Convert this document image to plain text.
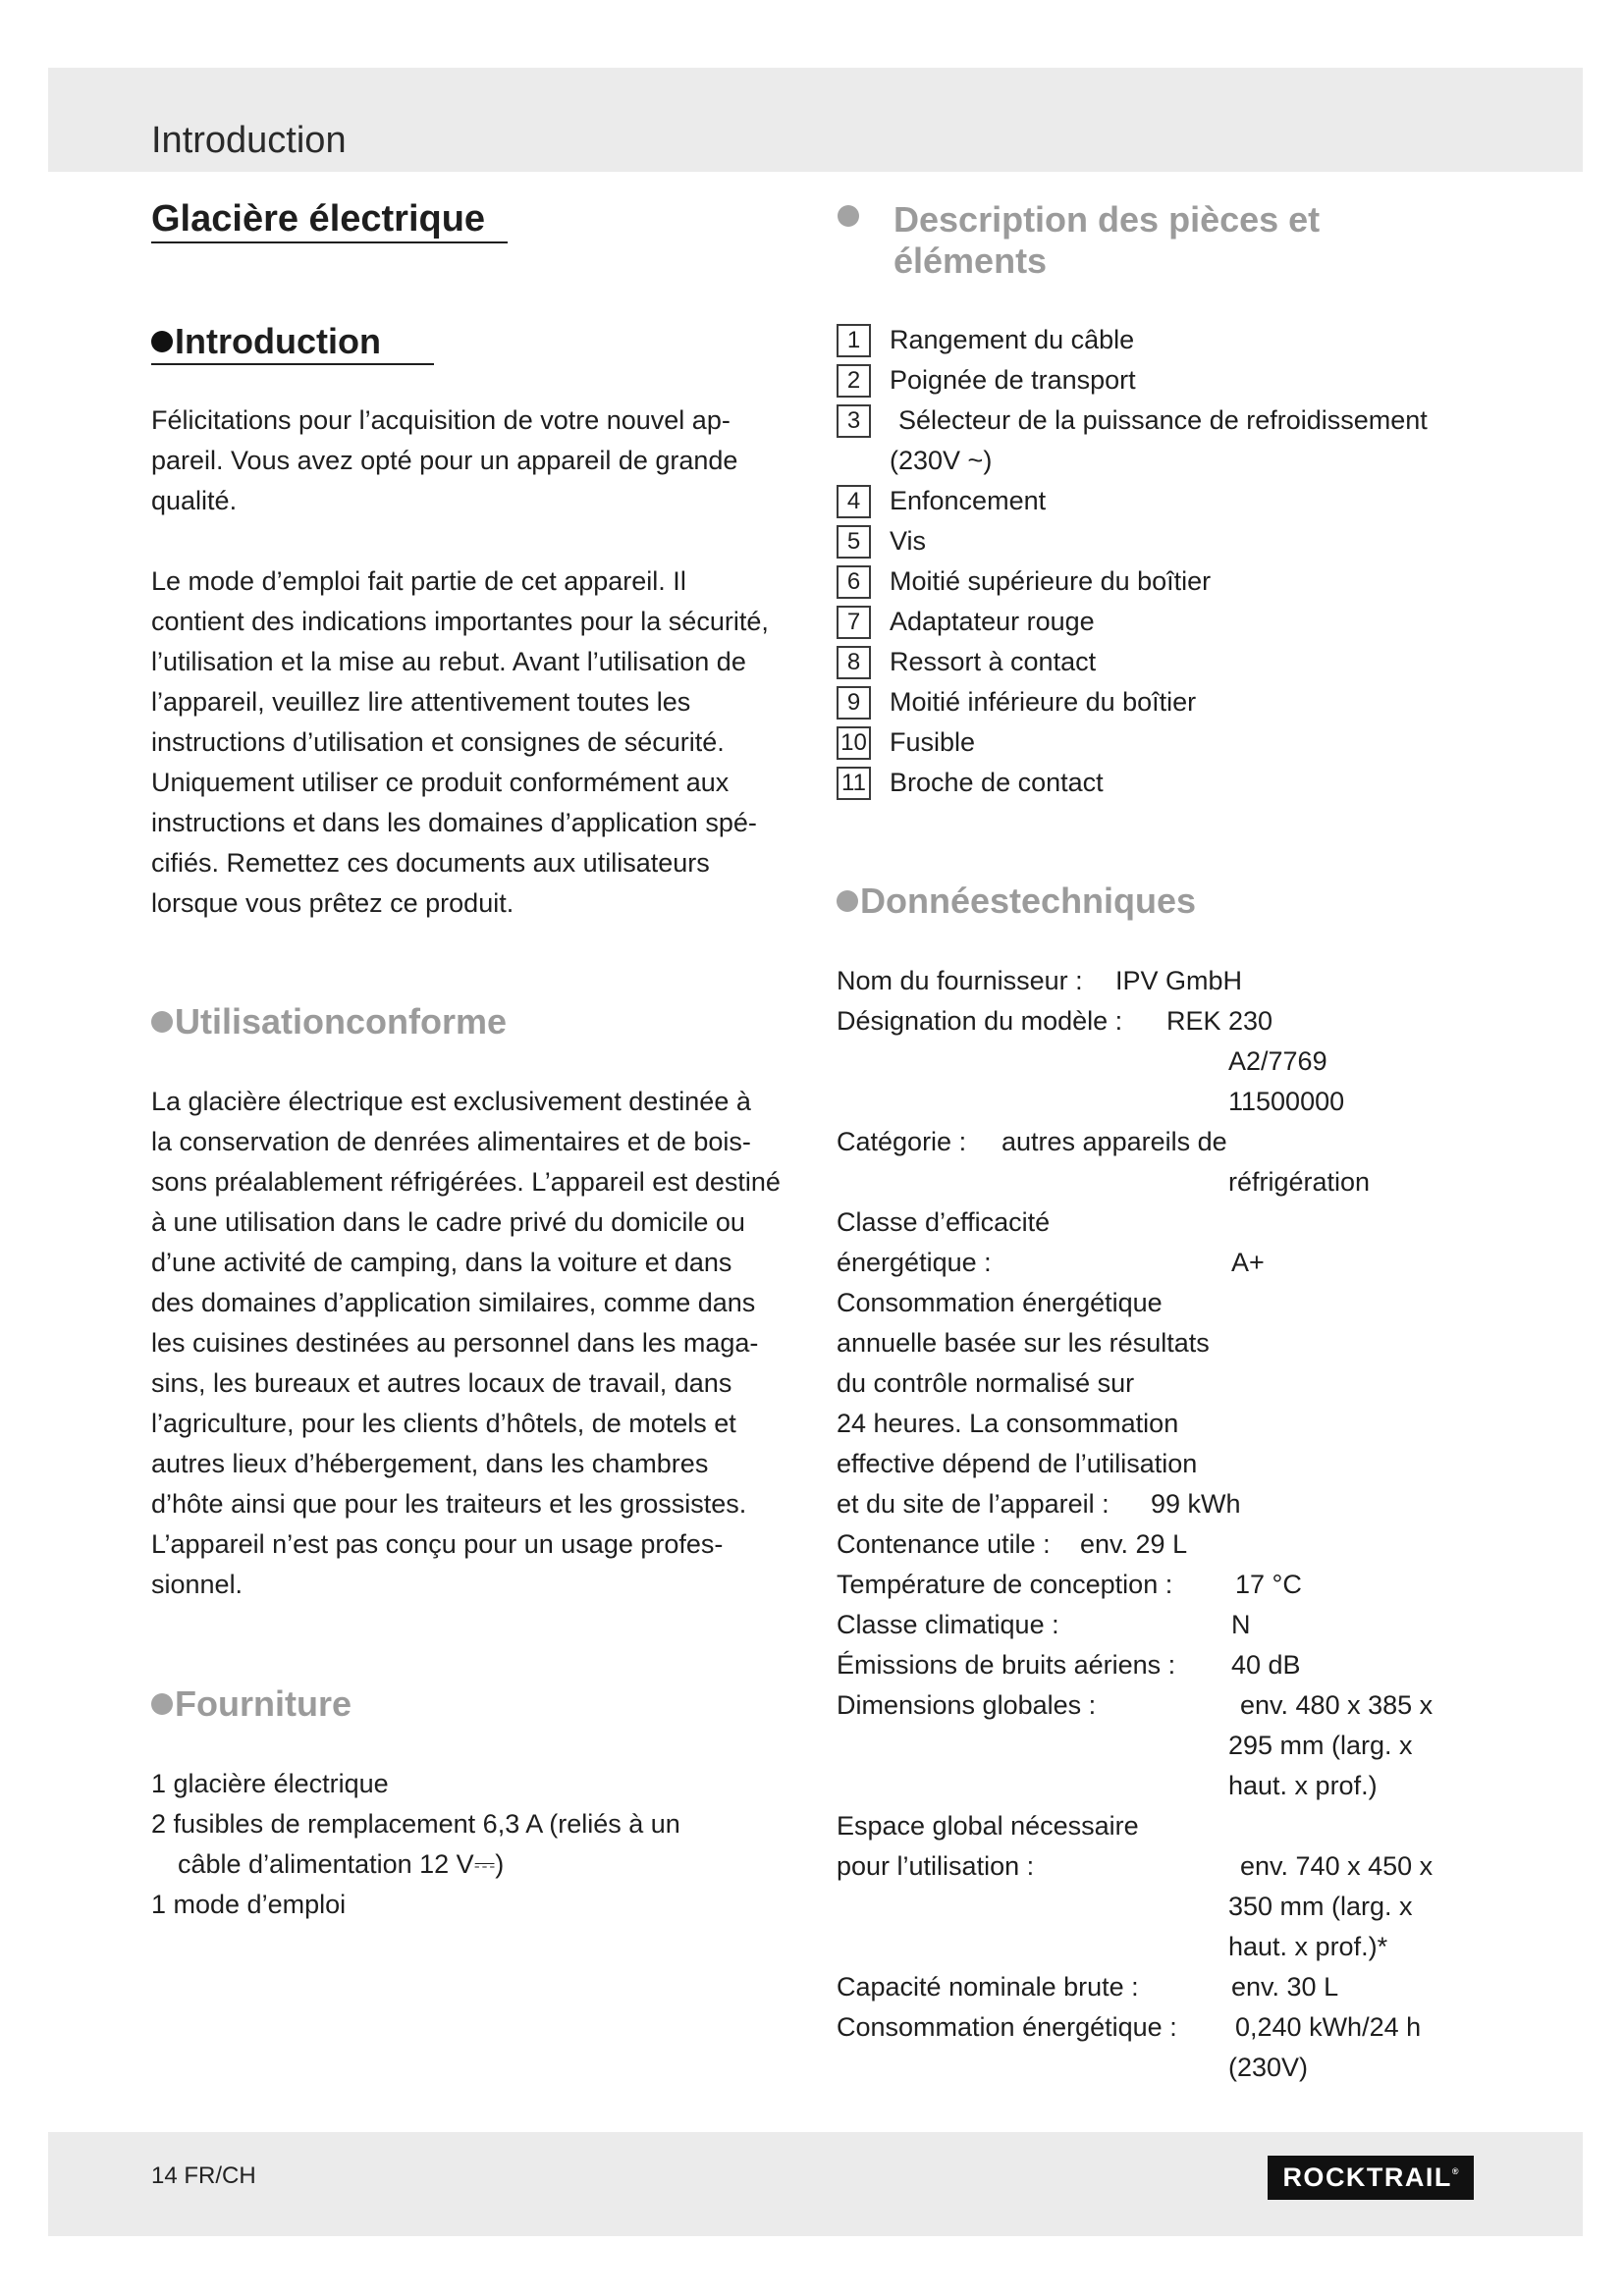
Introduction
Glacière électrique
Introduction
Félicitations pour l’acquisition de votre nouvel ap-
pareil. Vous avez opté pour un appareil de grande
qualité.
Le mode d’emploi fait partie de cet appareil. Il
contient des indications importantes pour la sécurité,
l’utilisation et la mise au rebut. Avant l’utilisation de
l’appareil, veuillez lire attentivement toutes les
instructions d’utilisation et consignes de sécurité.
Uniquement utiliser ce produit conformément aux
instructions et dans les domaines d’application spé-
cifiés. Remettez ces documents aux utilisateurs
lorsque vous prêtez ce produit.
Utilisationconforme
La glacière électrique est exclusivement destinée à
la conservation de denrées alimentaires et de bois-
sons préalablement réfrigérées. L’appareil est destiné
à une utilisation dans le cadre privé du domicile ou
d’une activité de camping, dans la voiture et dans
des domaines d’application similaires, comme dans
les cuisines destinées au personnel dans les maga-
sins, les bureaux et autres locaux de travail, dans
l’agriculture, pour les clients d’hôtels, de motels et
autres lieux d’hébergement, dans les chambres
d’hôte ainsi que pour les traiteurs et les grossistes.
L’appareil n’est pas conçu pour un usage profes-
sionnel.
Fourniture
1 glacière électrique
2 fusibles de remplacement 6,3 A (reliés à un
câble d’alimentation 12 V⎓)
1 mode d’emploi
Description des pièces et
éléments
1	Rangement du câble
2	Poignée de transport
3	Sélecteur de la puissance de refroidissement
(230V ~)
4	Enfoncement
5	Vis
6	Moitié supérieure du boîtier
7	Adaptateur rouge
8	Ressort à contact
9	Moitié inférieure du boîtier
10 Fusible
11 Broche de contact
Donnéestechniques
Nom du fournisseur : IPV GmbH
Désignation du modèle : REK 230
A2/7769
11500000
Catégorie : autres appareils de
réfrigération
Classe d’efficacité
énergétique :	A+
Consommation énergétique
annuelle basée sur les résultats
du contrôle normalisé sur
24 heures. La consommation
effective dépend de l’utilisation
et du site de l’appareil : 99 kWh
Contenance utile : env. 29 L
Température de conception : 17 °C
Classe climatique :	N
Émissions de bruits aériens : 40 dB
Dimensions globales :	env. 480 x 385 x
295 mm (larg. x
haut. x prof.)
Espace global nécessaire
pour l’utilisation :	env. 740 x 450 x
350 mm (larg. x
haut. x prof.)*
Capacité nominale brute :	env. 30 L
Consommation énergétique : 0,240 kWh/24 h
(230V)
14 FR/CH	ROCKTRAIL®
